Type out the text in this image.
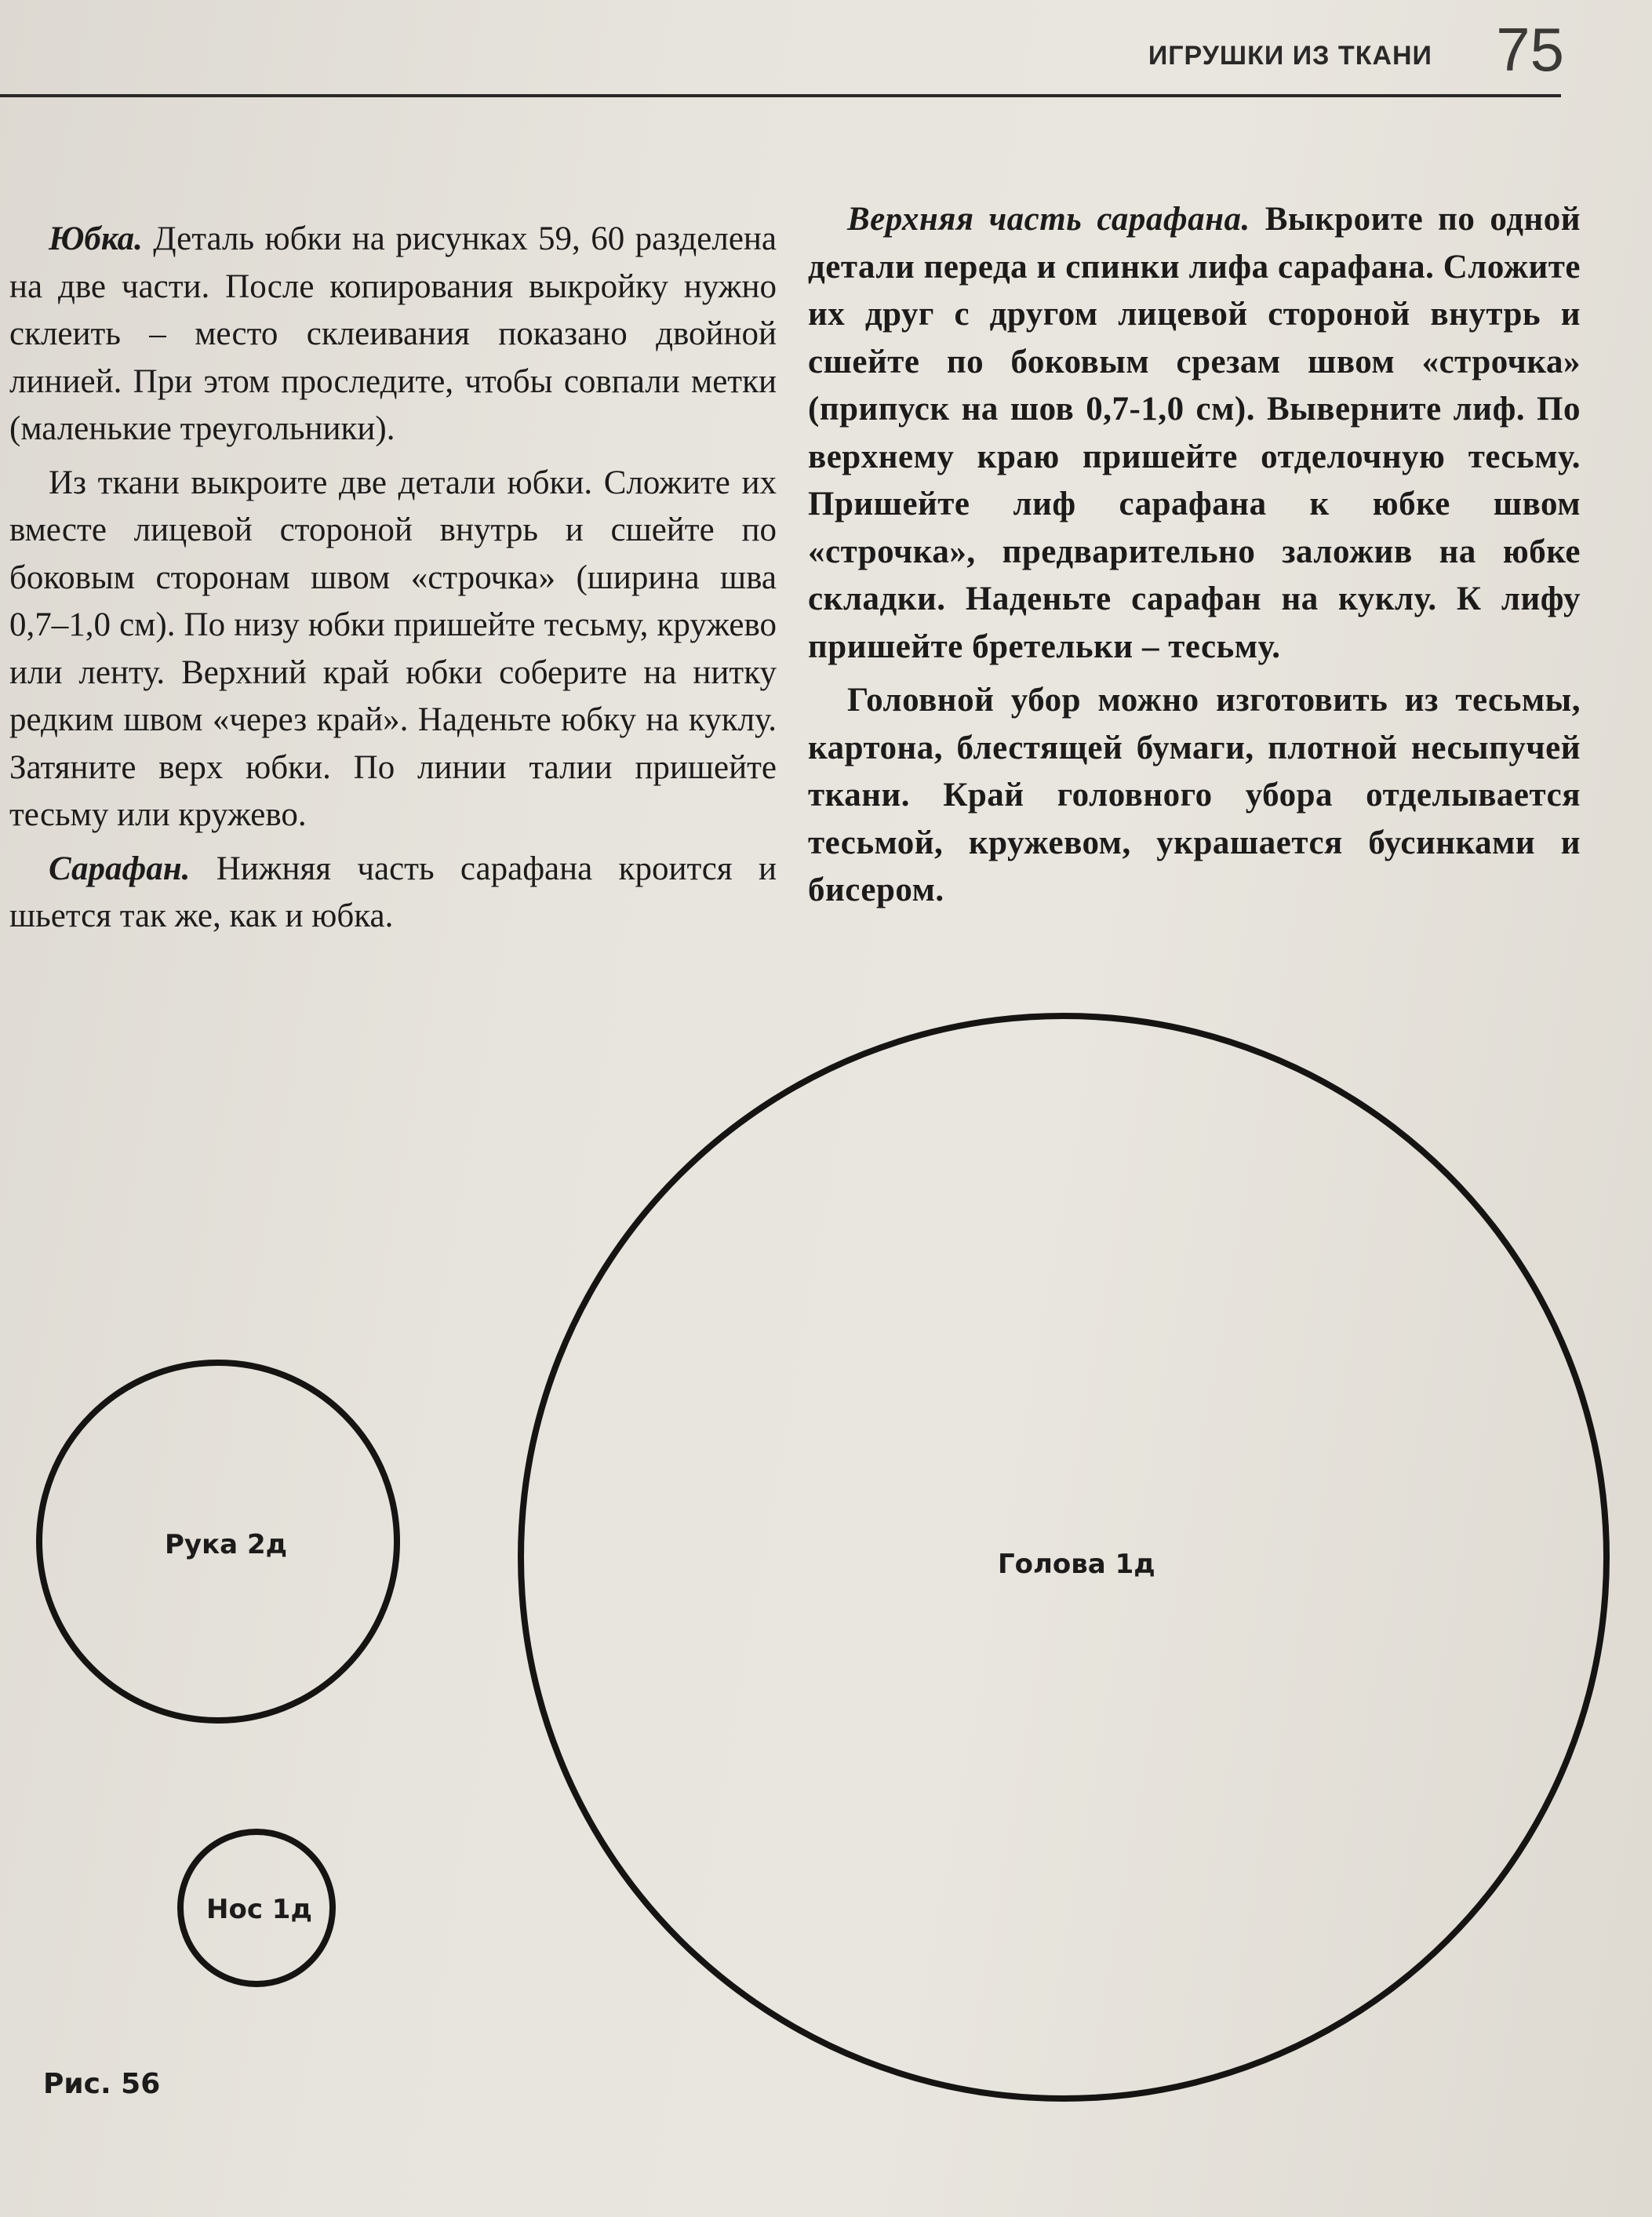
75
ИГРУШКИ ИЗ ТКАНИ

Юбка. Деталь юбки на рисунках 59, 60 разделена на две части. После копирования выкройку нужно склеить – место склеивания показано двойной линией. При этом проследите, чтобы совпали метки (маленькие треугольники).

Из ткани выкроите две детали юбки. Сложите их вместе лицевой стороной внутрь и сшейте по боковым сторонам швом «строчка» (ширина шва 0,7–1,0 см). По низу юбки пришейте тесьму, кружево или ленту. Верхний край юбки соберите на нитку редким швом «через край». Наденьте юбку на куклу. Затяните верх юбки. По линии талии пришейте тесьму или кружево.

Сарафан. Нижняя часть сарафана кроится и шьется так же, как и юбка.

Верхняя часть сарафана. Выкроите по одной детали переда и спинки лифа сарафана. Сложите их друг с другом лицевой стороной внутрь и сшейте по боковым срезам швом «строчка» (припуск на шов 0,7-1,0 см). Выверните лиф. По верхнему краю пришейте отделочную тесьму. Пришейте лиф сарафана к юбке швом «строчка», предварительно заложив на юбке складки. Наденьте сарафан на куклу. К лифу пришейте бретельки – тесьму.

Головной убор можно изготовить из тесьмы, картона, блестящей бумаги, плотной несыпучей ткани. Край головного убора отделывается тесьмой, кружевом, украшается бусинками и бисером.

Рука 2д
Нос 1д
Голова 1д
Рис. 56
